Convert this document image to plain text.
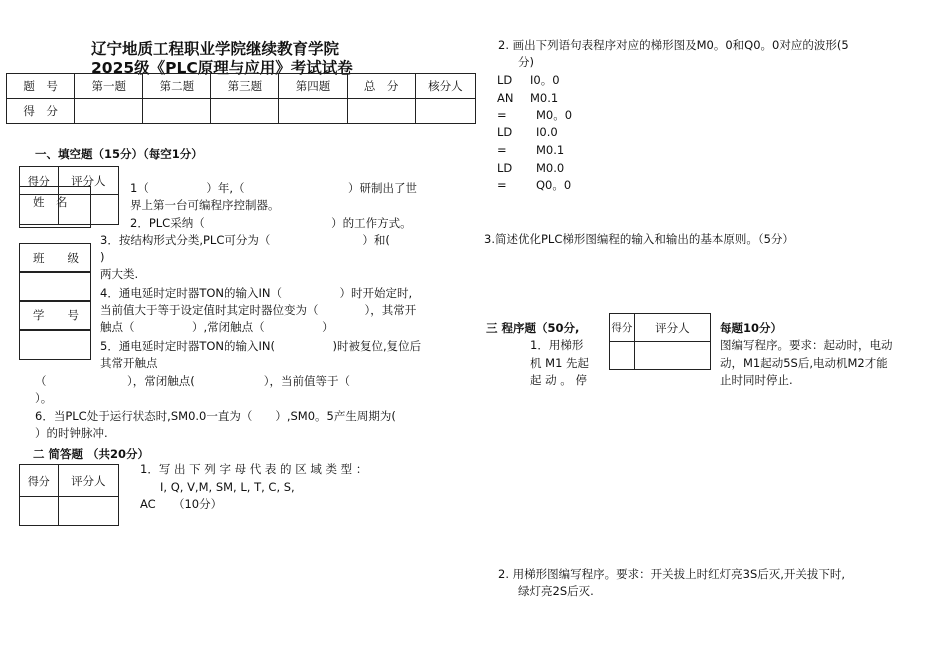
辽宁地质工程职业学院继续教育学院
2025级《PLC原理与应用》考试试卷
题　号	第一题	第二题	第三题	第四题	总　分	核分人
得　分						
一、填空题（15分）（每空1分）
得分	评分人

姓　名
班　　级
学　　号
1（　　　　　）年,（　　　　　　　　　）研制出了世
界上第一台可编程序控制器。
2．PLC采纳（　　　　　　　　　　　）的工作方式。
3．按结构形式分类,PLC可分为（　　　　　　　　）和(
)
两大类.
4．通电延时定时器TON的输入IN（　　　　　）时开始定时,
当前值大于等于设定值时其定时器位变为（　　　　），其常开
触点（　　　　　）,常闭触点（　　　　　）
5．通电延时定时器TON的输入IN(　　　　　)时被复位,复位后
其常开触点
（　　　　　　　），常闭触点(　　　　　　），当前值等于（
）。
6．当PLC处于运行状态时,SM0.0一直为（　　）,SM0。5产生周期为(
）的时钟脉冲.
二 简答题 （共20分）
得分	评分人

1．写 出 下 列 字 母 代 表 的 区 域 类 型 ：
I, Q, V,M, SM, L, T, C, S,
AC　　（10分）
2. 画出下列语句表程序对应的梯形图及M0。0和Q0。0对应的波形(5
分)
LD I0。0
AN M0.1
=	M0。0
LD I0.0
=	M0.1
LD M0.0
=	Q0。0
3.简述优化PLC梯形图编程的输入和输出的基本原则。（5分）
三 程序题（50分,	得分	评分人
		每题10分）
1．用梯形
机 M1 先起
起 动 。 停
图编写程序。要求：起动时，电动
动，M1起动5S后,电动机M2才能
止时同时停止.
2. 用梯形图编写程序。要求：开关拔上时红灯亮3S后灭,开关拔下时,
绿灯亮2S后灭.
